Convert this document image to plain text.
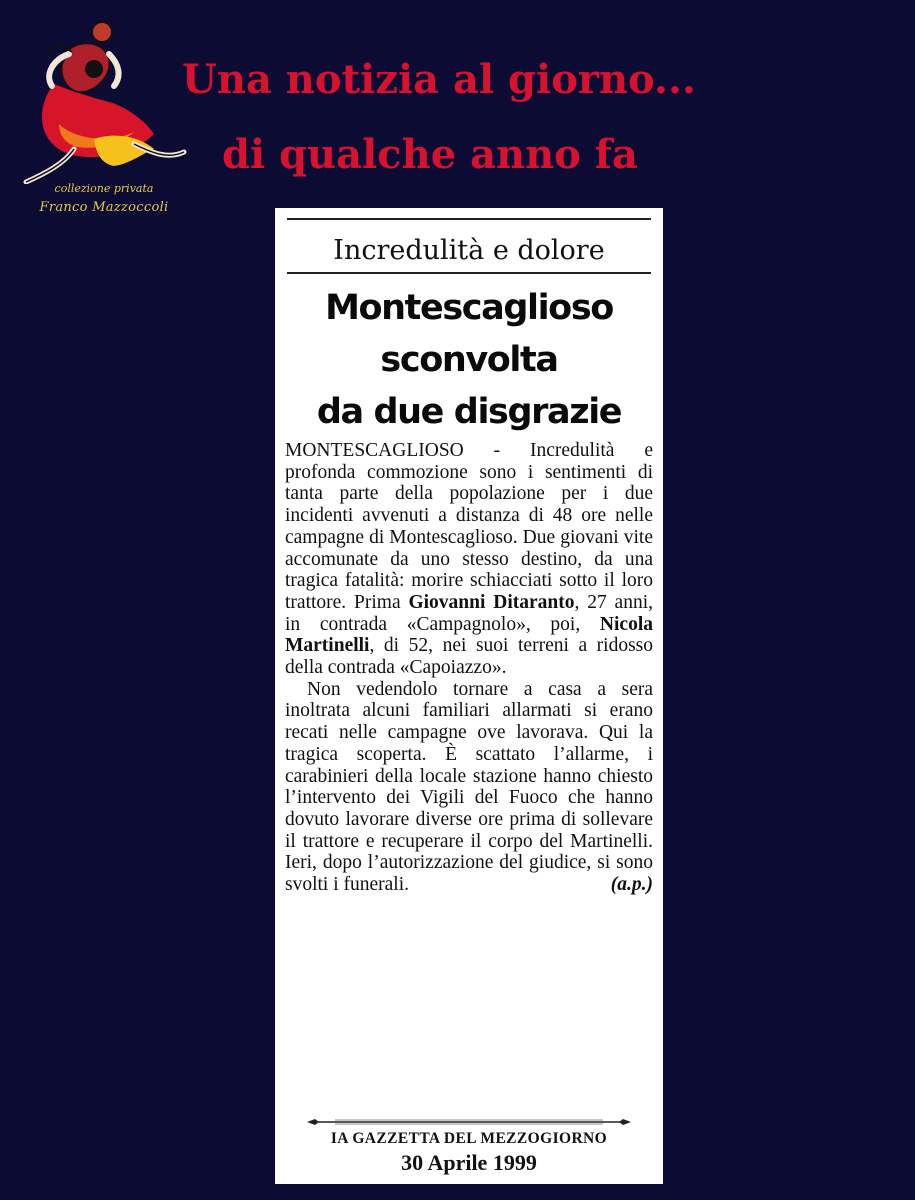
collezione privata
Franco Mazzoccoli
Una notizia al giorno...
di qualche anno fa
Incredulità e dolore
Montescaglioso
sconvolta
da due disgrazie

MONTESCAGLIOSO - Incredulità e profonda commozione sono i sentimenti di tanta parte della popolazione per i due incidenti avvenuti a distanza di 48 ore nelle campagne di Montescaglioso. Due giovani vite accomunate da uno stesso destino, da una tragica fatalità: morire schiacciati sotto il loro trattore. Prima Giovanni Ditaranto, 27 anni, in contrada «Campagnolo», poi, Nicola Martinelli, di 52, nei suoi terreni a ridosso della contrada «Capoiazzo».

Non vedendolo tornare a casa a sera inoltrata alcuni familiari allarmati si erano recati nelle campagne ove lavorava. Qui la tragica scoperta. È scattato l’allarme, i carabinieri della locale stazione hanno chiesto l’intervento dei Vigili del Fuoco che hanno dovuto lavorare diverse ore prima di sollevare il trattore e recuperare il corpo del Martinelli. Ieri, dopo l’autorizzazione del giudice, si sono svolti i funerali.	(a.p.)

IA GAZZETTA DEL MEZZOGIORNO
30 Aprile 1999
